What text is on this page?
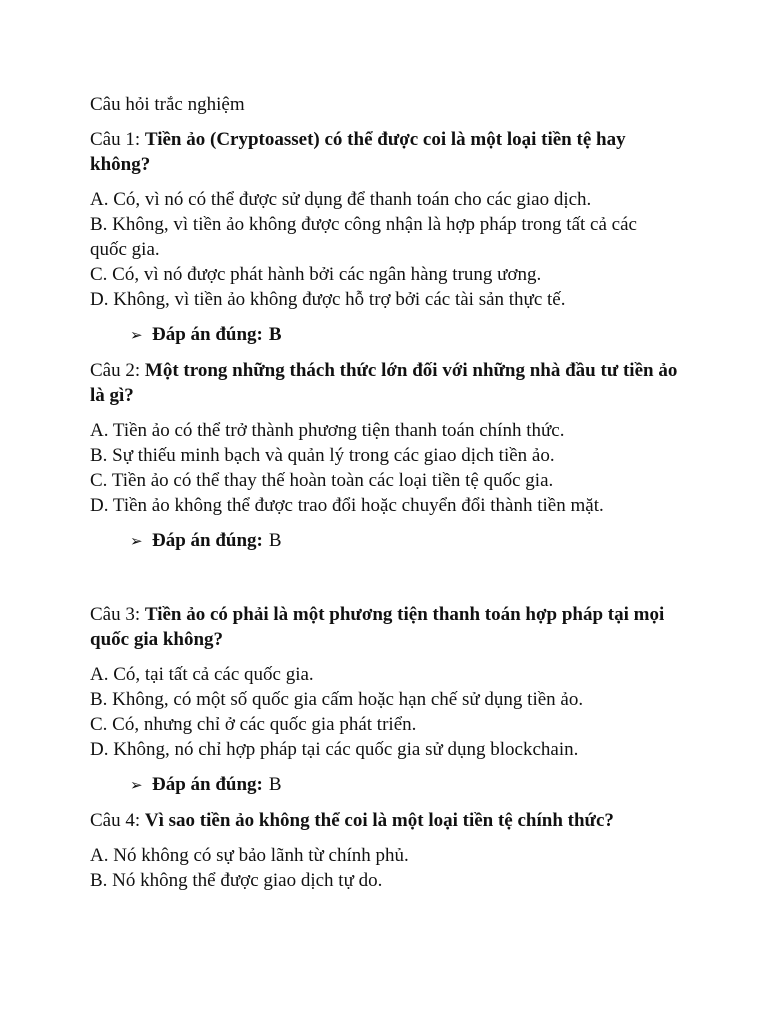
Câu hỏi trắc nghiệm

Câu 1: Tiền ảo (Cryptoasset) có thể được coi là một loại tiền tệ hay không?

A. Có, vì nó có thể được sử dụng để thanh toán cho các giao dịch.
B. Không, vì tiền ảo không được công nhận là hợp pháp trong tất cả các quốc gia.
C. Có, vì nó được phát hành bởi các ngân hàng trung ương.
D. Không, vì tiền ảo không được hỗ trợ bởi các tài sản thực tế.
➢ Đáp án đúng: B

Câu 2: Một trong những thách thức lớn đối với những nhà đầu tư tiền ảo là gì?

A. Tiền ảo có thể trở thành phương tiện thanh toán chính thức.
B. Sự thiếu minh bạch và quản lý trong các giao dịch tiền ảo.
C. Tiền ảo có thể thay thế hoàn toàn các loại tiền tệ quốc gia.
D. Tiền ảo không thể được trao đổi hoặc chuyển đổi thành tiền mặt.
➢ Đáp án đúng: B

Câu 3: Tiền ảo có phải là một phương tiện thanh toán hợp pháp tại mọi quốc gia không?

A. Có, tại tất cả các quốc gia.
B. Không, có một số quốc gia cấm hoặc hạn chế sử dụng tiền ảo.
C. Có, nhưng chỉ ở các quốc gia phát triển.
D. Không, nó chỉ hợp pháp tại các quốc gia sử dụng blockchain.
➢ Đáp án đúng: B

Câu 4: Vì sao tiền ảo không thể coi là một loại tiền tệ chính thức?

A. Nó không có sự bảo lãnh từ chính phủ.
B. Nó không thể được giao dịch tự do.
